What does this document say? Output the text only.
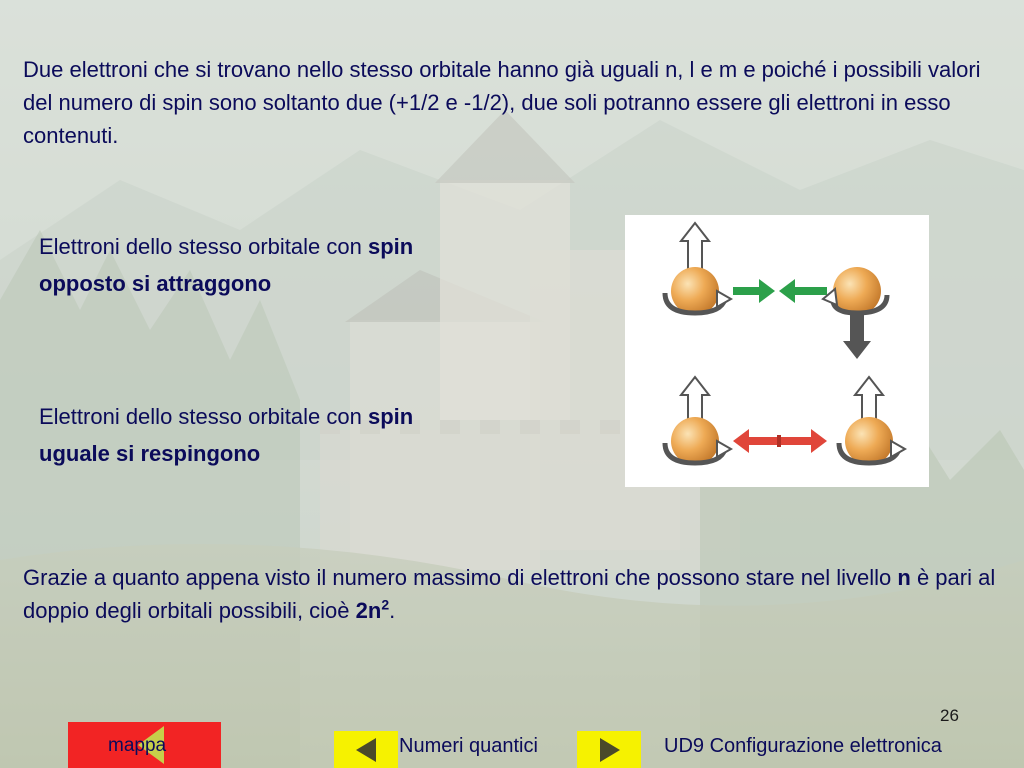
Due elettroni che si trovano nello stesso orbitale hanno già uguali n, l e m e poiché i possibili valori del numero di spin sono soltanto due (+1/2 e -1/2), due soli potranno essere gli elettroni in esso contenuti.
Elettroni dello stesso orbitale con spin
opposto si attraggono
Elettroni dello stesso orbitale con spin
uguale si respingono
Grazie a quanto appena visto il numero massimo di elettroni che possono stare nel livello n è pari al doppio degli orbitali possibili, cioè $2n^2$.
26
mappa	Numeri quantici	UD9 Configurazione elettronica
